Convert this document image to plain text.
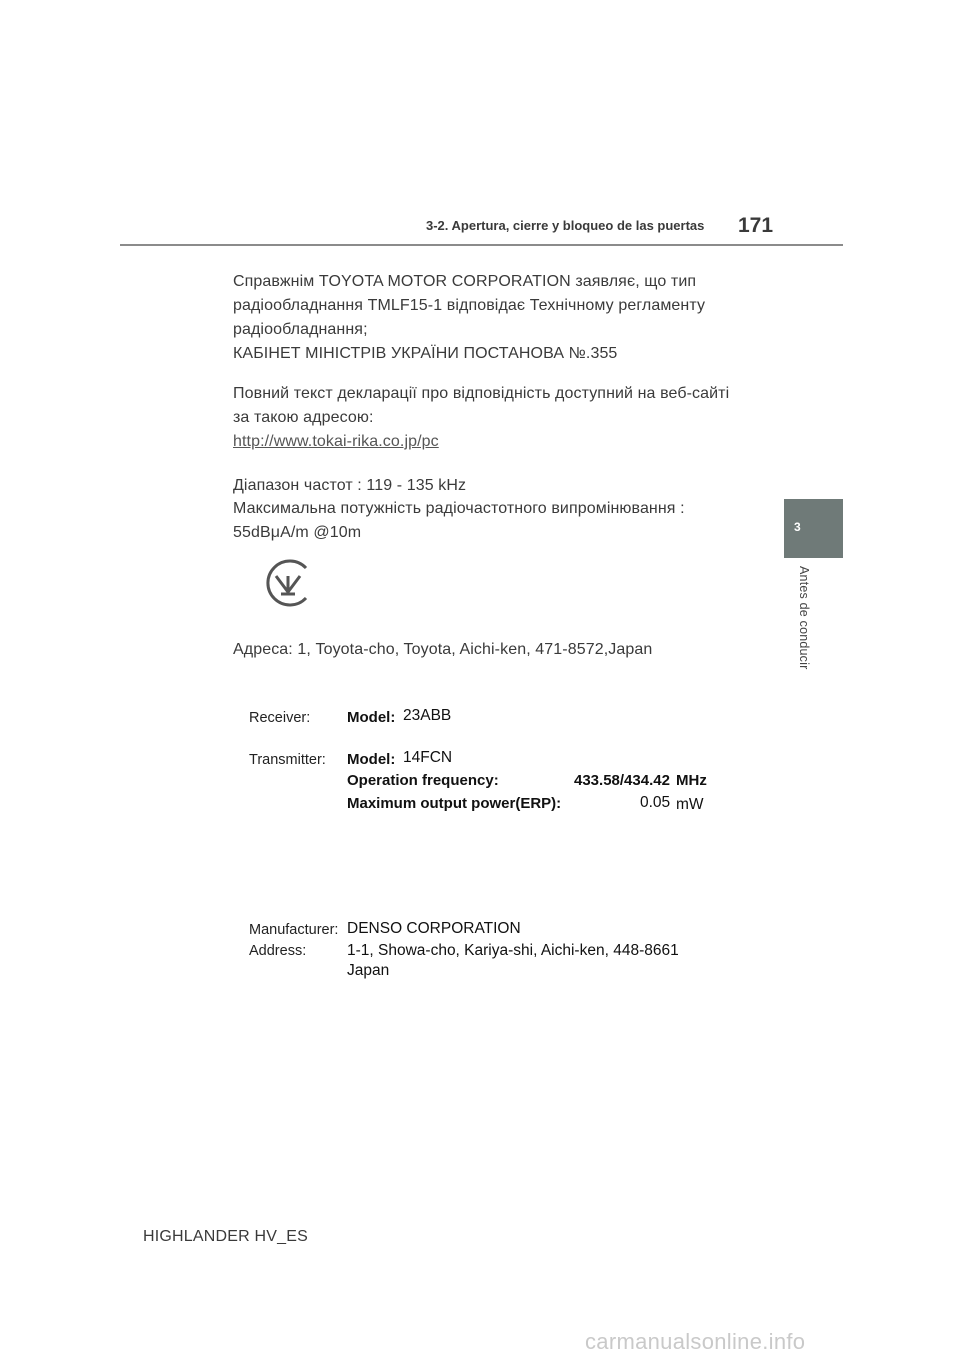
3-2. Apertura, cierre y bloqueo de las puertas 171
3
Antes de conducir
Справжнім TOYOTA MOTOR CORPORATION заявляє, що тип
радіообладнання TMLF15-1 відповідає Технічному регламенту
радіообладнання;
КАБІНЕТ МІНІСТРІВ УКРАЇНИ ПОСТАНОВА №.355
Повний текст декларації про відповідність доступний на веб-сайті
за такою адресою:
http://www.tokai-rika.co.jp/pc
Діапазон частот : 119 - 135 kHz
Максимальна потужність радіочастотного випромінювання :
55dBμA/m @10m
Адреса: 1, Toyota-cho, Toyota, Aichi-ken, 471-8572,Japan
Receiver: Model: 23ABB
Transmitter: Model: 14FCN
Operation frequency:	433.58/434.42 MHz
Maximum output power(ERP):	0.05 mW
Manufacturer: DENSO CORPORATION
Address:	1-1, Showa-cho, Kariya-shi, Aichi-ken, 448-8661
Japan
HIGHLANDER HV_ES
carmanualsonline.info
